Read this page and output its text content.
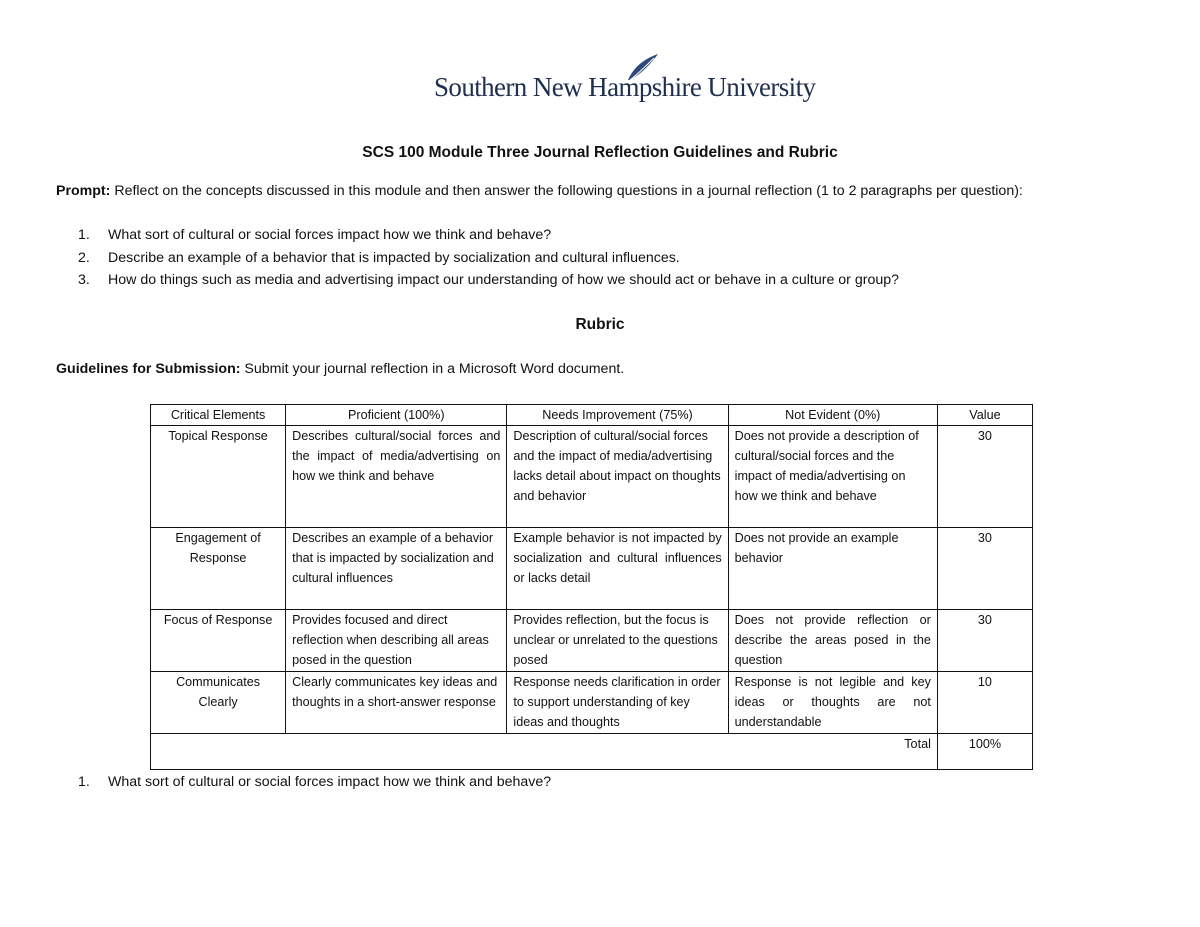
Southern New Hampshire University
SCS 100 Module Three Journal Reflection Guidelines and Rubric
Prompt: Reflect on the concepts discussed in this module and then answer the following questions in a journal reflection (1 to 2 paragraphs per question):
1. What sort of cultural or social forces impact how we think and behave?
2. Describe an example of a behavior that is impacted by socialization and cultural influences.
3. How do things such as media and advertising impact our understanding of how we should act or behave in a culture or group?
Rubric
Guidelines for Submission: Submit your journal reflection in a Microsoft Word document.
Critical Elements	Proficient (100%)	Needs Improvement (75%)	Not Evident (0%)	Value
Topical Response	Describes cultural/social forces and the impact of media/advertising on how we think and behave	Description of cultural/social forces and the impact of media/advertising lacks detail about impact on thoughts and behavior	Does not provide a description of cultural/social forces and the impact of media/advertising on how we think and behave	30
Engagement of Response	Describes an example of a behavior that is impacted by socialization and cultural influences	Example behavior is not impacted by socialization and cultural influences or lacks detail	Does not provide an example behavior	30
Focus of Response	Provides focused and direct reflection when describing all areas posed in the question	Provides reflection, but the focus is unclear or unrelated to the questions posed	Does not provide reflection or describe the areas posed in the question	30
Communicates Clearly	Clearly communicates key ideas and thoughts in a short-answer response	Response needs clarification in order to support understanding of key ideas and thoughts	Response is not legible and key ideas or thoughts are not understandable	10
Total				100%
1. What sort of cultural or social forces impact how we think and behave?
